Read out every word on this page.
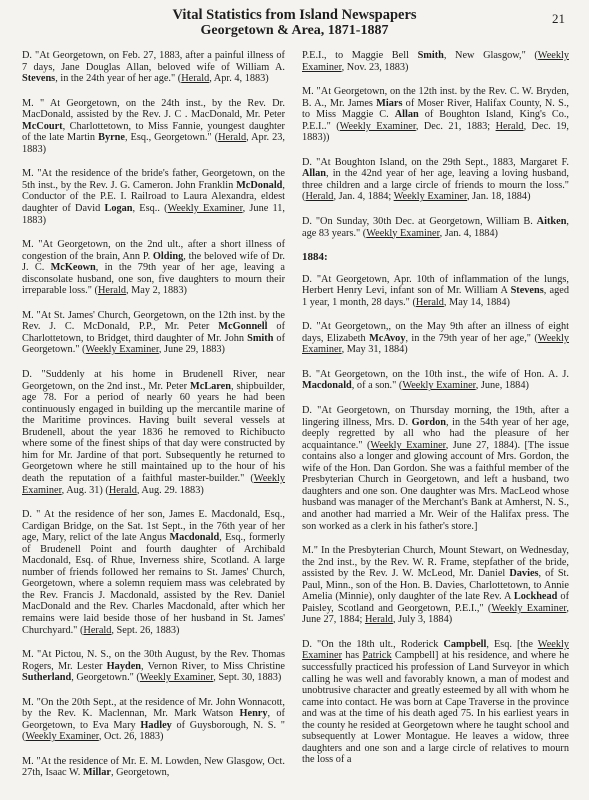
Vital Statistics from Island Newspapers
Georgetown & Area, 1871-1887
21

D. "At Georgetown, on Feb. 27, 1883, after a painful illness of 7 days, Jane Douglas Allan, beloved wife of William A. Stevens, in the 24th year of her age." (Herald, Apr. 4, 1883)

M. " At Georgetown, on the 24th inst., by the Rev. Dr. MacDonald, assisted by the Rev. J. C . MacDonald, Mr. Peter McCourt, Charlottetown, to Miss Fannie, youngest daughter of the late Martin Byrne, Esq., Georgetown." (Herald, Apr. 23, 1883)

M. "At the residence of the bride's father, Georgetown, on the 5th inst., by the Rev. J. G. Cameron. John Franklin McDonald, Conductor of the P.E. I. Railroad to Laura Alexandra, eldest daughter of David Logan, Esq.. (Weekly Examiner, June 11, 1883)

M. "At Georgetown, on the 2nd ult., after a short illness of congestion of the brain, Ann P. Olding, the beloved wife of Dr. J. C. McKeown, in the 79th year of her age, leaving a disconsolate husband, one son, five daughters to mourn their irreparable loss." (Herald, May 2, 1883)

M. "At St. James' Church, Georgetown, on the 12th inst. by the Rev. J. C. McDonald, P.P., Mr. Peter McGonnell of Charlottetown, to Bridget, third daughter of Mr. John Smith of Georgetown." (Weekly Examiner, June 29, 1883)

D. "Suddenly at his home in Brudenell River, near Georgetown, on the 2nd inst., Mr. Peter McLaren, shipbuilder, age 78. For a period of nearly 60 years he had been continuously engaged in building up the mercantile marine of the Maritime provinces. Having built several vessels at Brudenell, about the year 1836 he removed to Richibucto where some of the finest ships of that day were constructed by him for Mr. Jardine of that port. Subsequently he returned to Georgetown where he still maintained up to the hour of his death the reputation of a faithful master-builder." (Weekly Examiner, Aug. 31) (Herald, Aug. 29. 1883)

D. " At the residence of her son, James E. Macdonald, Esq., Cardigan Bridge, on the Sat. 1st Sept., in the 76th year of her age, Mary, relict of the late Angus Macdonald, Esq., formerly of Brudenell Point and fourth daughter of Archibald Macdonald, Esq. of Rhue, Inverness shire, Scotland. A large number of friends followed her remains to St. James' Church, Georgetown, where a solemn requiem mass was celebrated by the Rev. Francis J. Macdonald, assisted by the Rev. Daniel MacDonald and the Rev. Charles Macdonald, after which her remains were laid beside those of her husband in St. James' Churchyard." (Herald, Sept. 26, 1883)

M. "At Pictou, N. S., on the 30th August, by the Rev. Thomas Rogers, Mr. Lester Hayden, Vernon River, to Miss Christine Sutherland, Georgetown." (Weekly Examiner, Sept. 30, 1883)

M. "On the 20th Sept., at the residence of Mr. John Wonnacott, by the Rev. K. Maclennan, Mr. Mark Watson Henry, of Georgetown, to Eva Mary Hadley of Guysborough, N. S. " (Weekly Examiner, Oct. 26, 1883)

M. "At the residence of Mr. E. M. Lowden, New Glasgow, Oct. 27th, Isaac W. Millar, Georgetown,

P.E.I., to Maggie Bell Smith, New Glasgow," (Weekly Examiner, Nov. 23, 1883)

M. "At Georgetown, on the 12th inst. by the Rev. C. W. Bryden, B. A., Mr. James Miars of Moser River, Halifax County, N. S., to Miss Maggie C. Allan of Boughton Island, King's Co., P.E.I.." (Weekly Examiner, Dec. 21, 1883; Herald, Dec. 19, 1883))

D. "At Boughton Island, on the 29th Sept., 1883, Margaret F. Allan, in the 42nd year of her age, leaving a loving husband, three children and a large circle of friends to mourn the loss." (Herald, Jan. 4, 1884; Weekly Examiner, Jan. 18, 1884)

D. "On Sunday, 30th Dec. at Georgetown, William B. Aitken, age 83 years." (Weekly Examiner, Jan. 4, 1884)

1884:

D. "At Georgetown, Apr. 10th of inflammation of the lungs, Herbert Henry Levi, infant son of Mr. William A Stevens, aged 1 year, 1 month, 28 days." (Herald, May 14, 1884)

D. "At Georgetown,, on the May 9th after an illness of eight days, Elizabeth McAvoy, in the 79th year of her age," (Weekly Examiner, May 31, 1884)

B. "At Georgetown, on the 10th inst., the wife of Hon. A. J. Macdonald, of a son." (Weekly Examiner, June, 1884)

D. "At Georgetown, on Thursday morning, the 19th, after a lingering illness, Mrs. D. Gordon, in the 54th year of her age, deeply regretted by all who had the pleasure of her acquaintance." (Weekly Examiner, June 27, 1884). [The issue contains also a longer and glowing account of Mrs. Gordon, the wife of the Hon. Dan Gordon. She was a faithful member of the Presbyterian Church in Georgetown, and left a husband, two daughters and one son. One daughter was Mrs. MacLeod whose husband was manager of the Merchant's Bank at Amherst, N. S., and another had married a Mr. Weir of the Halifax press. The son worked as a clerk in his father's store.]

M." In the Presbyterian Church, Mount Stewart, on Wednesday, the 2nd inst., by the Rev. W. R. Frame, stepfather of the bride, assisted by the Rev. J. W. McLeod, Mr. Daniel Davies, of St. Paul, Minn., son of the Hon. B. Davies, Charlottetown, to Annie Amelia (Minnie), only daughter of the late Rev. A Lockhead of Paisley, Scotland and Georgetown, P.E.I.," (Weekly Examiner, June 27, 1884; Herald, July 3, 1884)

D. "On the 18th ult., Roderick Campbell, Esq. [the Weekly Examiner has Patrick Campbell] at his residence, and where he successfully practiced his profession of Land Surveyor in which calling he was well and favorably known, a man of modest and unobtrusive character and greatly esteemed by all with whom he came into contact. He was born at Cape Traverse in the province and was at the time of his death aged 75. In his earliest years in the county he resided at Georgetown where he taught school and subsequently at Lower Montague. He leaves a widow, three daughters and one son and a large circle of relatives to mourn the loss of a
